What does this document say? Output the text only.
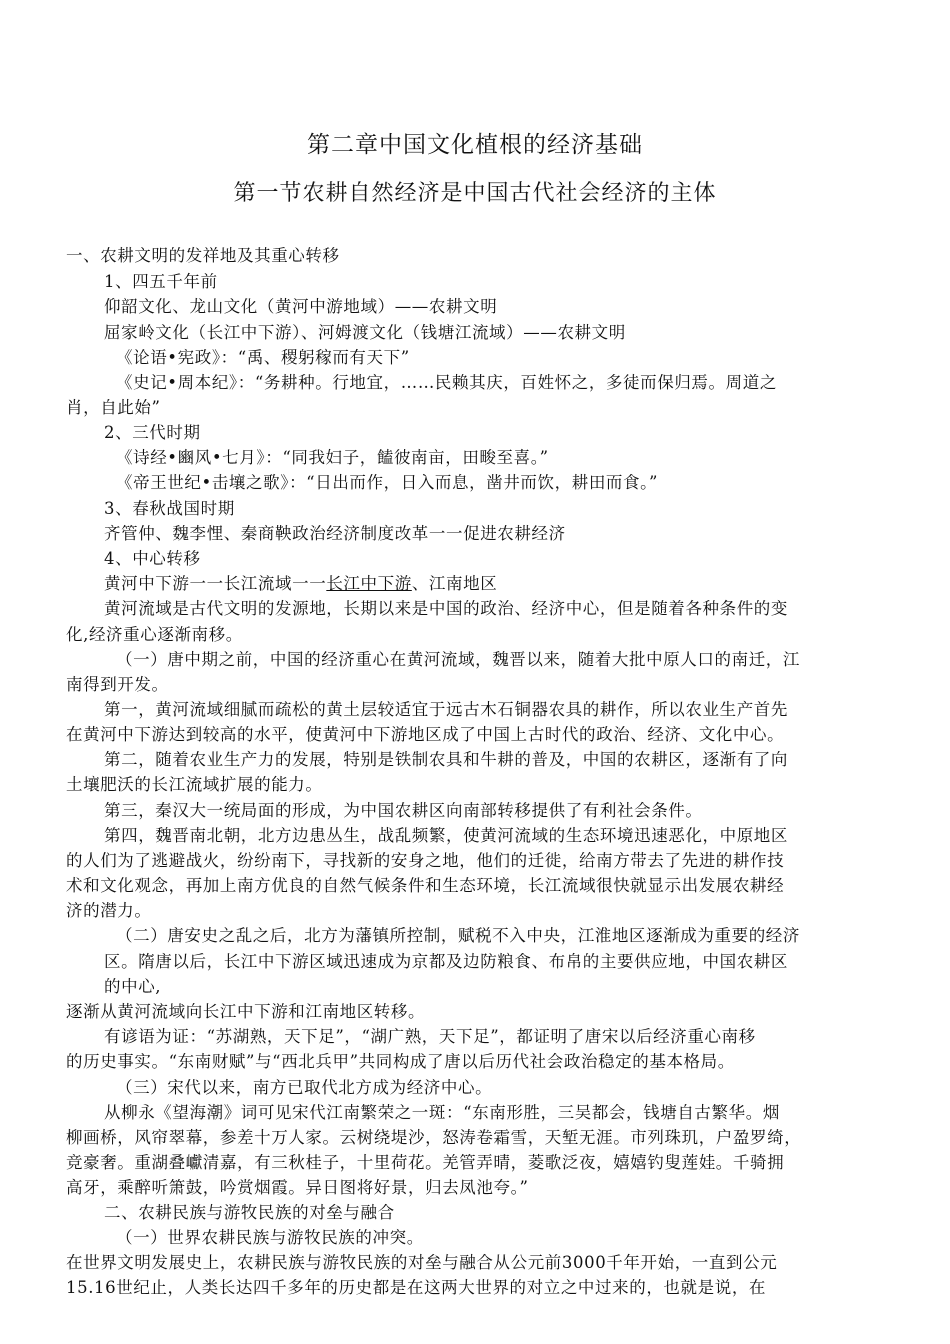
第二章中国文化植根的经济基础
第一节农耕自然经济是中国古代社会经济的主体
一、农耕文明的发祥地及其重心转移
1、四五千年前
仰韶文化、龙山文化（黄河中游地域）——农耕文明
屈家岭文化（长江中下游）、河姆渡文化（钱塘江流域）——农耕文明
《论语•宪政》：“禹、稷躬稼而有天下”
《史记•周本纪》：“务耕种。行地宜，……民赖其庆，百姓怀之，多徒而保归焉。周道之
肖，自此始”
2、三代时期
《诗经•豳风•七月》：“同我妇子，饁彼南亩，田畯至喜。”
《帝王世纪•击壤之歌》：“日出而作，日入而息，凿井而饮，耕田而食。”
3、春秋战国时期
齐管仲、魏李悝、秦商鞅政治经济制度改革一一促进农耕经济
4、中心转移
黄河中下游一一长江流域一一长江中下游、江南地区
黄河流域是古代文明的发源地，长期以来是中国的政治、经济中心，但是随着各种条件的变
化,经济重心逐渐南移。
（一）唐中期之前，中国的经济重心在黄河流域，魏晋以来，随着大批中原人口的南迁，江
南得到开发。
第一，黄河流域细腻而疏松的黄土层较适宜于远古木石铜器农具的耕作，所以农业生产首先
在黄河中下游达到较高的水平，使黄河中下游地区成了中国上古时代的政治、经济、文化中心。
第二，随着农业生产力的发展，特别是铁制农具和牛耕的普及，中国的农耕区，逐渐有了向
土壤肥沃的长江流域扩展的能力。
第三，秦汉大一统局面的形成，为中国农耕区向南部转移提供了有利社会条件。
第四，魏晋南北朝，北方边患丛生，战乱频繁，使黄河流域的生态环境迅速恶化，中原地区
的人们为了逃避战火，纷纷南下，寻找新的安身之地，他们的迁徙，给南方带去了先进的耕作技
术和文化观念，再加上南方优良的自然气候条件和生态环境，长江流域很快就显示出发展农耕经
济的潜力。
（二）唐安史之乱之后，北方为藩镇所控制，赋税不入中央，江淮地区逐渐成为重要的经济
区。隋唐以后，长江中下游区域迅速成为京都及边防粮食、布帛的主要供应地，中国农耕区
的中心,
逐渐从黄河流域向长江中下游和江南地区转移。
有谚语为证：“苏湖熟，天下足”，“湖广熟，天下足”，都证明了唐宋以后经济重心南移
的历史事实。“东南财赋”与“西北兵甲”共同构成了唐以后历代社会政治稳定的基本格局。
（三）宋代以来，南方已取代北方成为经济中心。
从柳永《望海潮》词可见宋代江南繁荣之一斑：“东南形胜，三吴都会，钱塘自古繁华。烟
柳画桥，风帘翠幕，参差十万人家。云树绕堤沙，怒涛卷霜雪，天堑无涯。市列珠玑，户盈罗绮，
竞豪奢。重湖叠巘清嘉，有三秋桂子，十里荷花。羌管弄晴，菱歌泛夜，嬉嬉钓叟莲娃。千骑拥
高牙，乘醉听箫鼓，吟赏烟霞。异日图将好景，归去凤池夸。”
二、农耕民族与游牧民族的对垒与融合
（一）世界农耕民族与游牧民族的冲突。
在世界文明发展史上，农耕民族与游牧民族的对垒与融合从公元前3000千年开始，一直到公元
15.16世纪止，人类长达四千多年的历史都是在这两大世界的对立之中过来的，也就是说，在
